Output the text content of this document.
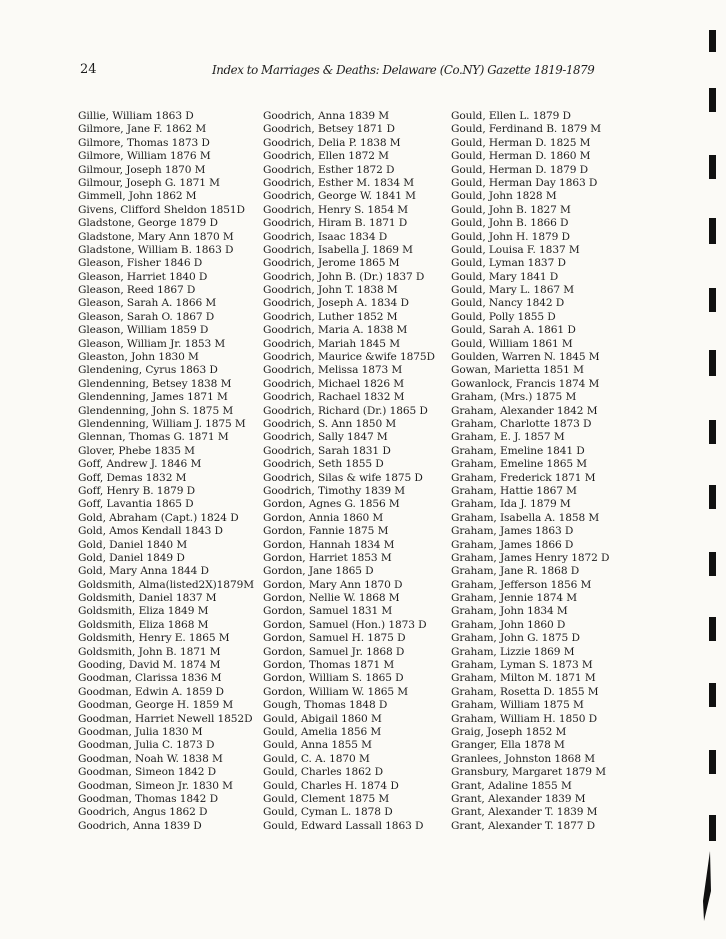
24	Index to Marriages & Deaths: Delaware (Co.NY) Gazette 1819-1879
Gillie, William 1863 D
Gilmore, Jane F. 1862 M
Gilmore, Thomas 1873 D
Gilmore, William 1876 M
Gilmour, Joseph 1870 M
Gilmour, Joseph G. 1871 M
Gimmell, John 1862 M
Givens, Clifford Sheldon 1851D
Gladstone, George 1879 D
Gladstone, Mary Ann 1870 M
Gladstone, William B. 1863 D
Gleason, Fisher 1846 D
Gleason, Harriet 1840 D
Gleason, Reed 1867 D
Gleason, Sarah A. 1866 M
Gleason, Sarah O. 1867 D
Gleason, William 1859 D
Gleason, William Jr. 1853 M
Gleaston, John 1830 M
Glendening, Cyrus 1863 D
Glendenning, Betsey 1838 M
Glendenning, James 1871 M
Glendenning, John S. 1875 M
Glendenning, William J. 1875 M
Glennan, Thomas G. 1871 M
Glover, Phebe 1835 M
Goff, Andrew J. 1846 M
Goff, Demas 1832 M
Goff, Henry B. 1879 D
Goff, Lavantia 1865 D
Gold, Abraham (Capt.) 1824 D
Gold, Amos Kendall 1843 D
Gold, Daniel 1840 M
Gold, Daniel 1849 D
Gold, Mary Anna 1844 D
Goldsmith, Alma(listed2X)1879M
Goldsmith, Daniel 1837 M
Goldsmith, Eliza 1849 M
Goldsmith, Eliza 1868 M
Goldsmith, Henry E. 1865 M
Goldsmith, John B. 1871 M
Gooding, David M. 1874 M
Goodman, Clarissa 1836 M
Goodman, Edwin A. 1859 D
Goodman, George H. 1859 M
Goodman, Harriet Newell 1852D
Goodman, Julia 1830 M
Goodman, Julia C. 1873 D
Goodman, Noah W. 1838 M
Goodman, Simeon 1842 D
Goodman, Simeon Jr. 1830 M
Goodman, Thomas 1842 D
Goodrich, Angus 1862 D
Goodrich, Anna 1839 D
Goodrich, Anna 1839 M
Goodrich, Betsey 1871 D
Goodrich, Delia P. 1838 M
Goodrich, Ellen 1872 M
Goodrich, Esther 1872 D
Goodrich, Esther M. 1834 M
Goodrich, George W. 1841 M
Goodrich, Henry S. 1854 M
Goodrich, Hiram B. 1871 D
Goodrich, Isaac 1834 D
Goodrich, Isabella J. 1869 M
Goodrich, Jerome 1865 M
Goodrich, John B. (Dr.) 1837 D
Goodrich, John T. 1838 M
Goodrich, Joseph A. 1834 D
Goodrich, Luther 1852 M
Goodrich, Maria A. 1838 M
Goodrich, Mariah 1845 M
Goodrich, Maurice &wife 1875D
Goodrich, Melissa 1873 M
Goodrich, Michael 1826 M
Goodrich, Rachael 1832 M
Goodrich, Richard (Dr.) 1865 D
Goodrich, S. Ann 1850 M
Goodrich, Sally 1847 M
Goodrich, Sarah 1831 D
Goodrich, Seth 1855 D
Goodrich, Silas & wife 1875 D
Goodrich, Timothy 1839 M
Gordon, Agnes G. 1856 M
Gordon, Annia 1860 M
Gordon, Fannie 1875 M
Gordon, Hannah 1834 M
Gordon, Harriet 1853 M
Gordon, Jane 1865 D
Gordon, Mary Ann 1870 D
Gordon, Nellie W. 1868 M
Gordon, Samuel 1831 M
Gordon, Samuel (Hon.) 1873 D
Gordon, Samuel H. 1875 D
Gordon, Samuel Jr. 1868 D
Gordon, Thomas 1871 M
Gordon, William S. 1865 D
Gordon, William W. 1865 M
Gough, Thomas 1848 D
Gould, Abigail 1860 M
Gould, Amelia 1856 M
Gould, Anna 1855 M
Gould, C. A. 1870 M
Gould, Charles 1862 D
Gould, Charles H. 1874 D
Gould, Clement 1875 M
Gould, Cyman L. 1878 D
Gould, Edward Lassall 1863 D
Gould, Ellen L. 1879 D
Gould, Ferdinand B. 1879 M
Gould, Herman D. 1825 M
Gould, Herman D. 1860 M
Gould, Herman D. 1879 D
Gould, Herman Day 1863 D
Gould, John 1828 M
Gould, John B. 1827 M
Gould, John B. 1866 D
Gould, John H. 1879 D
Gould, Louisa F. 1837 M
Gould, Lyman 1837 D
Gould, Mary 1841 D
Gould, Mary L. 1867 M
Gould, Nancy 1842 D
Gould, Polly 1855 D
Gould, Sarah A. 1861 D
Gould, William 1861 M
Goulden, Warren N. 1845 M
Gowan, Marietta 1851 M
Gowanlock, Francis 1874 M
Graham, (Mrs.) 1875 M
Graham, Alexander 1842 M
Graham, Charlotte 1873 D
Graham, E. J. 1857 M
Graham, Emeline 1841 D
Graham, Emeline 1865 M
Graham, Frederick 1871 M
Graham, Hattie 1867 M
Graham, Ida J. 1879 M
Graham, Isabella A. 1858 M
Graham, James 1863 D
Graham, James 1866 D
Graham, James Henry 1872 D
Graham, Jane R. 1868 D
Graham, Jefferson 1856 M
Graham, Jennie 1874 M
Graham, John 1834 M
Graham, John 1860 D
Graham, John G. 1875 D
Graham, Lizzie 1869 M
Graham, Lyman S. 1873 M
Graham, Milton M. 1871 M
Graham, Rosetta D. 1855 M
Graham, William 1875 M
Graham, William H. 1850 D
Graig, Joseph 1852 M
Granger, Ella 1878 M
Granlees, Johnston 1868 M
Gransbury, Margaret 1879 M
Grant, Adaline 1855 M
Grant, Alexander 1839 M
Grant, Alexander T. 1839 M
Grant, Alexander T. 1877 D
